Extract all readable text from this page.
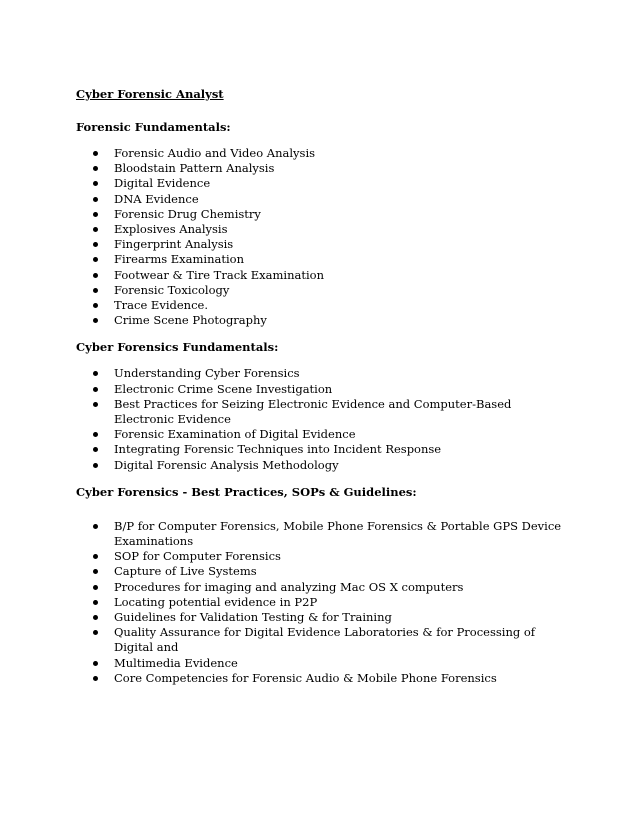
Cyber Forensic Analyst
Forensic Fundamentals:
Forensic Audio and Video Analysis
Bloodstain Pattern Analysis
Digital Evidence
DNA Evidence
Forensic Drug Chemistry
Explosives Analysis
Fingerprint Analysis
Firearms Examination
Footwear & Tire Track Examination
Forensic Toxicology
Trace Evidence.
Crime Scene Photography
Cyber Forensics Fundamentals:
Understanding Cyber Forensics
Electronic Crime Scene Investigation
Best Practices for Seizing Electronic Evidence and Computer-Based Electronic Evidence
Forensic Examination of Digital Evidence
Integrating Forensic Techniques into Incident Response
Digital Forensic Analysis Methodology
Cyber Forensics - Best Practices, SOPs & Guidelines:
B/P for Computer Forensics, Mobile Phone Forensics & Portable GPS Device Examinations
SOP for Computer Forensics
Capture of Live Systems
Procedures for imaging and analyzing Mac OS X computers
Locating potential evidence in P2P
Guidelines for Validation Testing & for Training
Quality Assurance for Digital Evidence Laboratories & for Processing of Digital and
Multimedia Evidence
Core Competencies for Forensic Audio & Mobile Phone Forensics
